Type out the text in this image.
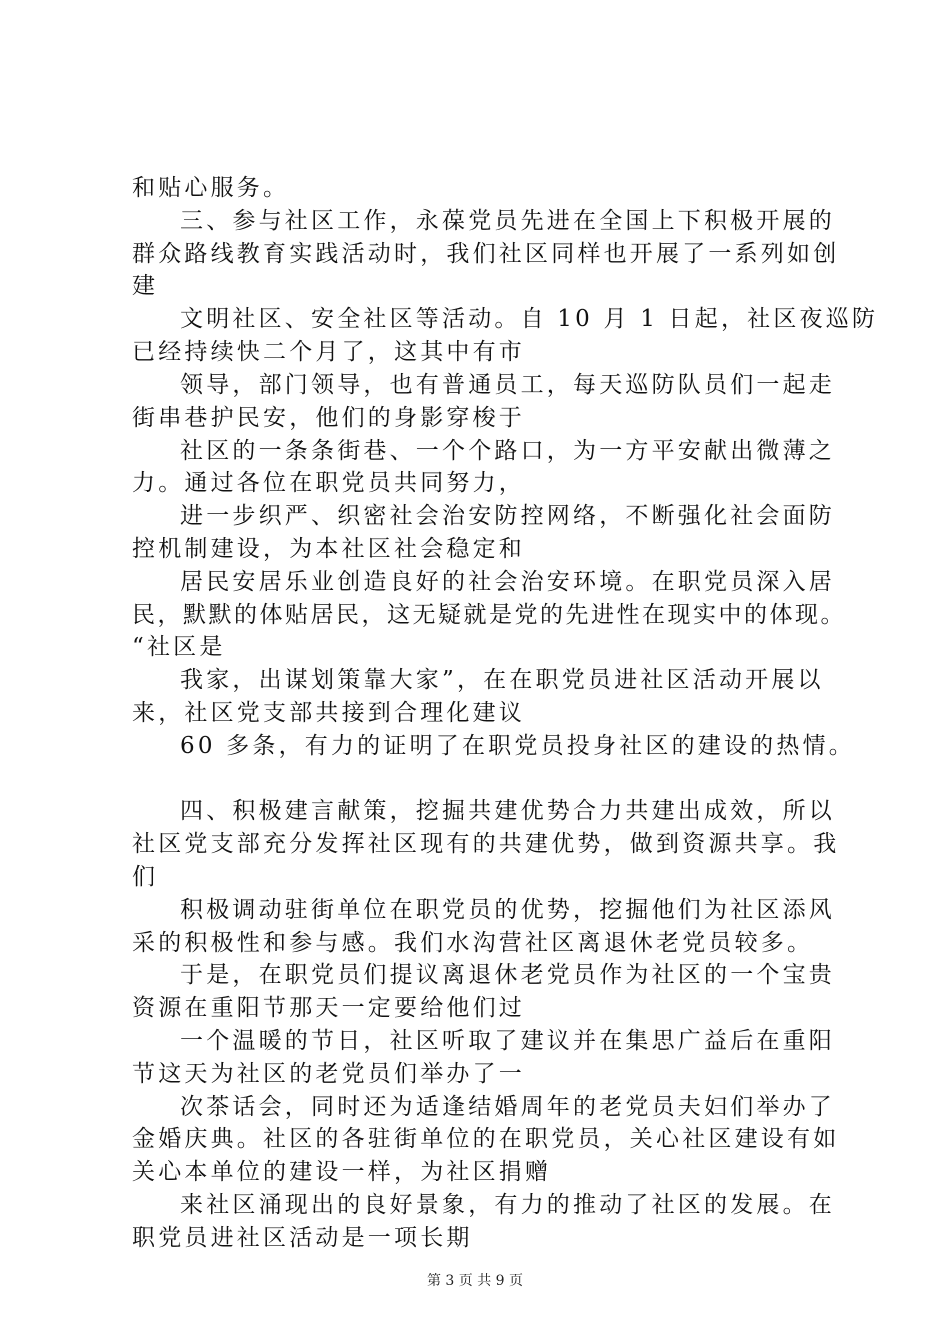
和贴心服务。

三、参与社区工作，永葆党员先进在全国上下积极开展的

群众路线教育实践活动时，我们社区同样也开展了一系列如创

建

文明社区、安全社区等活动。自 10 月 1 日起，社区夜巡防

已经持续快二个月了，这其中有市

领导，部门领导，也有普通员工，每天巡防队员们一起走

街串巷护民安，他们的身影穿梭于

社区的一条条街巷、一个个路口，为一方平安献出微薄之

力。通过各位在职党员共同努力，

进一步织严、织密社会治安防控网络，不断强化社会面防

控机制建设，为本社区社会稳定和

居民安居乐业创造良好的社会治安环境。在职党员深入居

民，默默的体贴居民，这无疑就是党的先进性在现实中的体现。

“社区是

我家，出谋划策靠大家”，在在职党员进社区活动开展以

来，社区党支部共接到合理化建议

60 多条，有力的证明了在职党员投身社区的建设的热情。

四、积极建言献策，挖掘共建优势合力共建出成效，所以

社区党支部充分发挥社区现有的共建优势，做到资源共享。我

们

积极调动驻街单位在职党员的优势，挖掘他们为社区添风

采的积极性和参与感。我们水沟营社区离退休老党员较多。

于是，在职党员们提议离退休老党员作为社区的一个宝贵

资源在重阳节那天一定要给他们过

一个温暖的节日，社区听取了建议并在集思广益后在重阳

节这天为社区的老党员们举办了一

次茶话会，同时还为适逢结婚周年的老党员夫妇们举办了

金婚庆典。社区的各驻街单位的在职党员，关心社区建设有如

关心本单位的建设一样，为社区捐赠

来社区涌现出的良好景象，有力的推动了社区的发展。在

职党员进社区活动是一项长期

第 3 页 共 9 页
